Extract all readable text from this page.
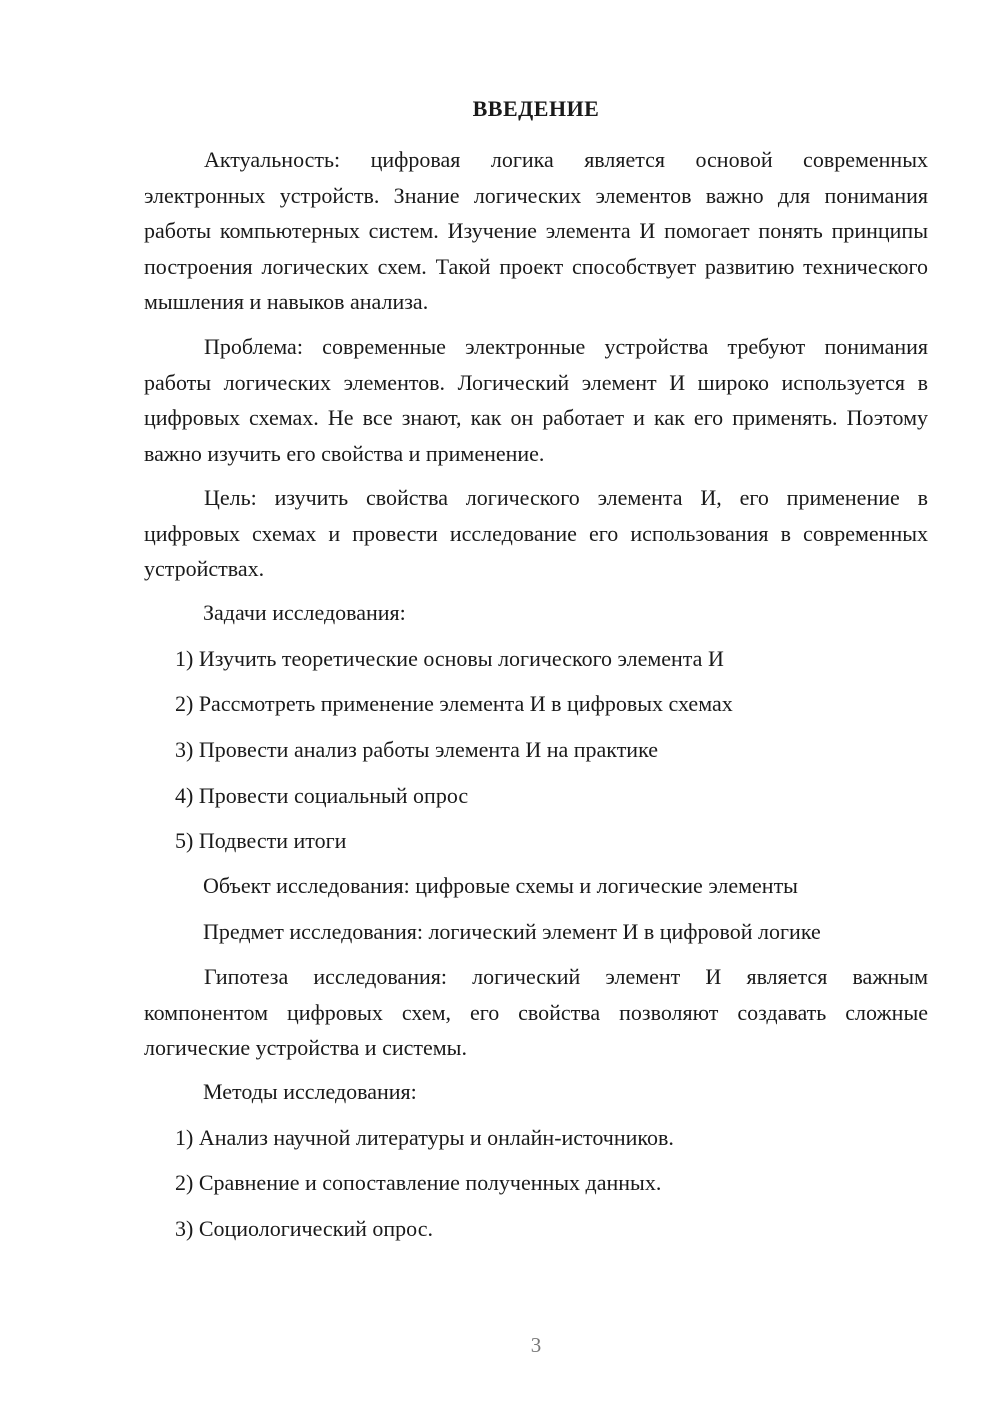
ВВЕДЕНИЕ

Актуальность: цифровая логика является основой современных электронных устройств. Знание логических элементов важно для понимания работы компьютерных систем. Изучение элемента И помогает понять принципы построения логических схем. Такой проект способствует развитию технического мышления и навыков анализа.

Проблема: современные электронные устройства требуют понимания работы логических элементов. Логический элемент И широко используется в цифровых схемах. Не все знают, как он работает и как его применять. Поэтому важно изучить его свойства и применение.

Цель: изучить свойства логического элемента И, его применение в цифровых схемах и провести исследование его использования в современных устройствах.

Задачи исследования:

1) Изучить теоретические основы логического элемента И

2) Рассмотреть применение элемента И в цифровых схемах

3) Провести анализ работы элемента И на практике

4) Провести социальный опрос

5) Подвести итоги

Объект исследования: цифровые схемы и логические элементы

Предмет исследования: логический элемент И в цифровой логике

Гипотеза исследования: логический элемент И является важным компонентом цифровых схем, его свойства позволяют создавать сложные логические устройства и системы.

Методы исследования:

1) Анализ научной литературы и онлайн-источников.

2) Сравнение и сопоставление полученных данных.

3) Социологический опрос.

3
